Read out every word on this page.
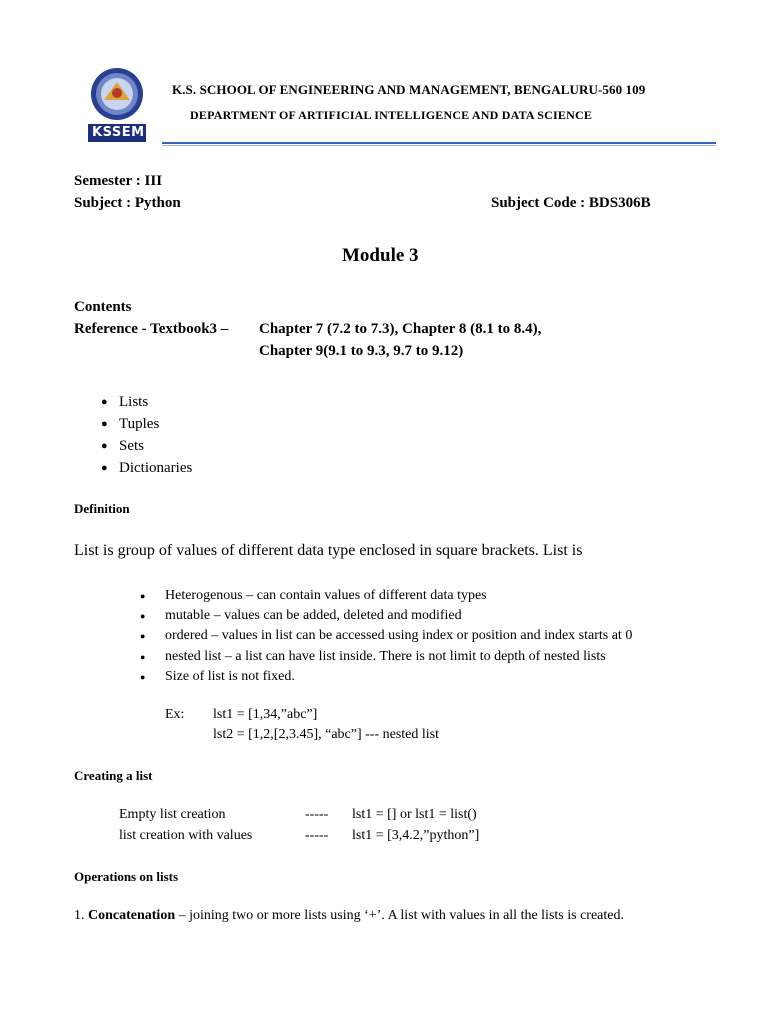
KSSEM
K.S. SCHOOL OF ENGINEERING AND MANAGEMENT, BENGALURU-560 109
DEPARTMENT OF ARTIFICIAL INTELLIGENCE AND DATA SCIENCE
Semester : III
Subject : Python	Subject Code : BDS306B
Module 3
Contents
Reference - Textbook3 – Chapter 7 (7.2 to 7.3), Chapter 8 (8.1 to 8.4),
Chapter 9(9.1 to 9.3, 9.7 to 9.12)
● Lists
● Tuples
● Sets
● Dictionaries
Definition
List is group of values of different data type enclosed in square brackets. List is
● Heterogenous – can contain values of different data types
● mutable – values can be added, deleted and modified
● ordered – values in list can be accessed using index or position and index starts at 0
● nested list – a list can have list inside. There is not limit to depth of nested lists
● Size of list is not fixed.
Ex: lst1 = [1,34,”abc”]
lst2 = [1,2,[2,3.45], “abc”] --- nested list
Creating a list
Empty list creation	----- lst1 = [] or lst1 = list()
list creation with values	----- lst1 = [3,4.2,”python”]
Operations on lists
1. Concatenation – joining two or more lists using ‘+’. A list with values in all the lists is created.
